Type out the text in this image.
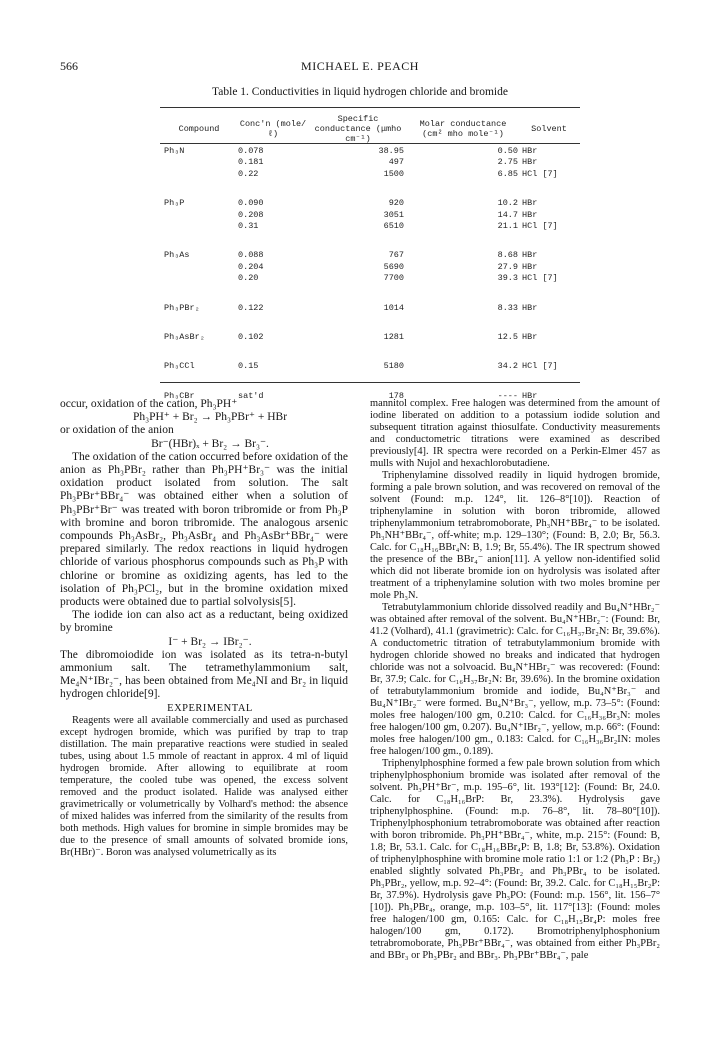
566	MICHAEL E. PEACH
Table 1. Conductivities in liquid hydrogen chloride and bromide
Compound	Conc'n (mole/ℓ)	Specific conductance (μmho cm⁻¹)	Molar conductance (cm² mho mole⁻¹)	Solvent
Ph₃N	0.078	38.95	0.50	HBr
	0.181	497	2.75	HBr
	0.22	1500	6.85	HCl [7]

Ph₃P	0.090	920	10.2	HBr
	0.208	3051	14.7	HBr
	0.31	6510	21.1	HCl [7]

Ph₃As	0.088	767	8.68	HBr
	0.204	5690	27.9	HBr
	0.20	7700	39.3	HCl [7]

Ph₃PBr₂	0.122	1014	8.33	HBr

Ph₃AsBr₂	0.102	1281	12.5	HBr

Ph₃CCl	0.15	5180	34.2	HCl [7]

Ph₃CBr	sat'd	178	----	HBr

occur, oxidation of the cation, Ph₃PH⁺

Ph₃PH⁺ + Br₂ → Ph₃PBr⁺ + HBr

or oxidation of the anion

Br⁻(HBr)ₓ + Br₂ → Br₃⁻.

The oxidation of the cation occurred before oxidation of the anion as Ph₃PBr₂ rather than Ph₃PH⁺Br₃⁻ was the initial oxidation product isolated from solution. The salt Ph₃PBr⁺BBr₄⁻ was obtained either when a solution of Ph₃PBr⁺Br⁻ was treated with boron tribromide or from Ph₃P with bromine and boron tribromide. The analogous arsenic compounds Ph₃AsBr₂, Ph₃AsBr₄ and Ph₃AsBr⁺BBr₄⁻ were prepared similarly. The redox reactions in liquid hydrogen chloride of various phosphorus compounds such as Ph₃P with chlorine or bromine as oxidizing agents, has led to the isolation of Ph₃PCl₂, but in the bromine oxidation mixed products were obtained due to partial solvolysis[5].

The iodide ion can also act as a reductant, being oxidized by bromine

I⁻ + Br₂ → IBr₂⁻.

The dibromoiodide ion was isolated as its tetra-n-butyl ammonium salt. The tetramethylammonium salt, Me₄N⁺IBr₂⁻, has been obtained from Me₄NI and Br₂ in liquid hydrogen chloride[9].

EXPERIMENTAL

Reagents were all available commercially and used as purchased except hydrogen bromide, which was purified by trap to trap distillation. The main preparative reactions were studied in sealed tubes, using about 1.5 mmole of reactant in approx. 4 ml of liquid hydrogen bromide. After allowing to equilibrate at room temperature, the cooled tube was opened, the excess solvent removed and the product isolated. Halide was analysed either gravimetrically or volumetrically by Volhard's method: the absence of mixed halides was inferred from the similarity of the results from both methods. High values for bromine in simple bromides may be due to the presence of small amounts of solvated bromide ions, Br(HBr)⁻. Boron was analysed volumetrically as its

mannitol complex. Free halogen was determined from the amount of iodine liberated on addition to a potassium iodide solution and subsequent titration against thiosulfate. Conductivity measurements and conductometric titrations were examined as described previously[4]. IR spectra were recorded on a Perkin-Elmer 457 as mulls with Nujol and hexachlorobutadiene.

Triphenylamine dissolved readily in liquid hydrogen bromide, forming a pale brown solution, and was recovered on removal of the solvent (Found: m.p. 124°, lit. 126–8°[10]). Reaction of triphenylamine in solution with boron tribromide, allowed triphenylammonium tetrabromoborate, Ph₃NH⁺BBr₄⁻ to be isolated. Ph₃NH⁺BBr₄⁻, off-white; m.p. 129–130°; (Found: B, 2.0; Br, 56.3. Calc. for C₁₈H₁₆BBr₄N: B, 1.9; Br, 55.4%). The IR spectrum showed the presence of the BBr₄⁻ anion[11]. A yellow non-identified solid which did not liberate bromide ion on hydrolysis was isolated after treatment of a triphenylamine solution with two moles bromine per mole Ph₃N.

Tetrabutylammonium chloride dissolved readily and Bu₄N⁺HBr₂⁻ was obtained after removal of the solvent. Bu₄N⁺HBr₂⁻: (Found: Br, 41.2 (Volhard), 41.1 (gravimetric): Calc. for C₁₆H₃₇Br₂N: Br, 39.6%). A conductometric titration of tetrabutylammonium bromide with hydrogen chloride showed no breaks and indicated that hydrogen chloride was not a solvoacid. Bu₄N⁺HBr₂⁻ was recovered: (Found: Br, 37.9; Calc. for C₁₆H₃₇Br₂N: Br, 39.6%). In the bromine oxidation of tetrabutylammonium bromide and iodide, Bu₄N⁺Br₃⁻ and Bu₄N⁺IBr₂⁻ were formed. Bu₄N⁺Br₃⁻, yellow, m.p. 73–5°: (Found: moles free halogen/100 gm, 0.210: Calcd. for C₁₆H₃₆Br₃N: moles free halogen/100 gm, 0.207). Bu₄N⁺IBr₂⁻, yellow, m.p. 66°: (Found: moles free halogen/100 gm., 0.183: Calcd. for C₁₆H₃₆Br₂IN: moles free halogen/100 gm., 0.189).

Triphenylphosphine formed a few pale brown solution from which triphenylphosphonium bromide was isolated after removal of the solvent. Ph₃PH⁺Br⁻, m.p. 195–6°, lit. 193°[12]: (Found: Br, 24.0. Calc. for C₁₈H₁₆BrP: Br, 23.3%). Hydrolysis gave triphenylphosphine. (Found: m.p. 76–8°, lit. 78–80°[10]). Triphenylphosphonium tetrabromoborate was obtained after reaction with boron tribromide. Ph₃PH⁺BBr₄⁻, white, m.p. 215°: (Found: B, 1.8; Br, 53.1. Calc. for C₁₈H₁₆BBr₄P: B, 1.8; Br, 53.8%). Oxidation of triphenylphosphine with bromine mole ratio 1:1 or 1:2 (Ph₃P : Br₂) enabled slightly solvated Ph₃PBr₂ and Ph₃PBr₄ to be isolated. Ph₃PBr₂, yellow, m.p. 92–4°: (Found: Br, 39.2. Calc. for C₁₈H₁₅Br₂P: Br, 37.9%). Hydrolysis gave Ph₃PO: (Found: m.p. 156°, lit. 156–7°[10]). Ph₃PBr₄, orange, m.p. 103–5°, lit. 117°[13]: (Found: moles free halogen/100 gm, 0.165: Calc. for C₁₈H₁₅Br₄P: moles free halogen/100 gm, 0.172). Bromotriphenylphosphonium tetrabromoborate, Ph₃PBr⁺BBr₄⁻, was obtained from either Ph₃PBr₂ and BBr₃ or Ph₃PBr₂ and BBr₃. Ph₃PBr⁺BBr₄⁻, pale
